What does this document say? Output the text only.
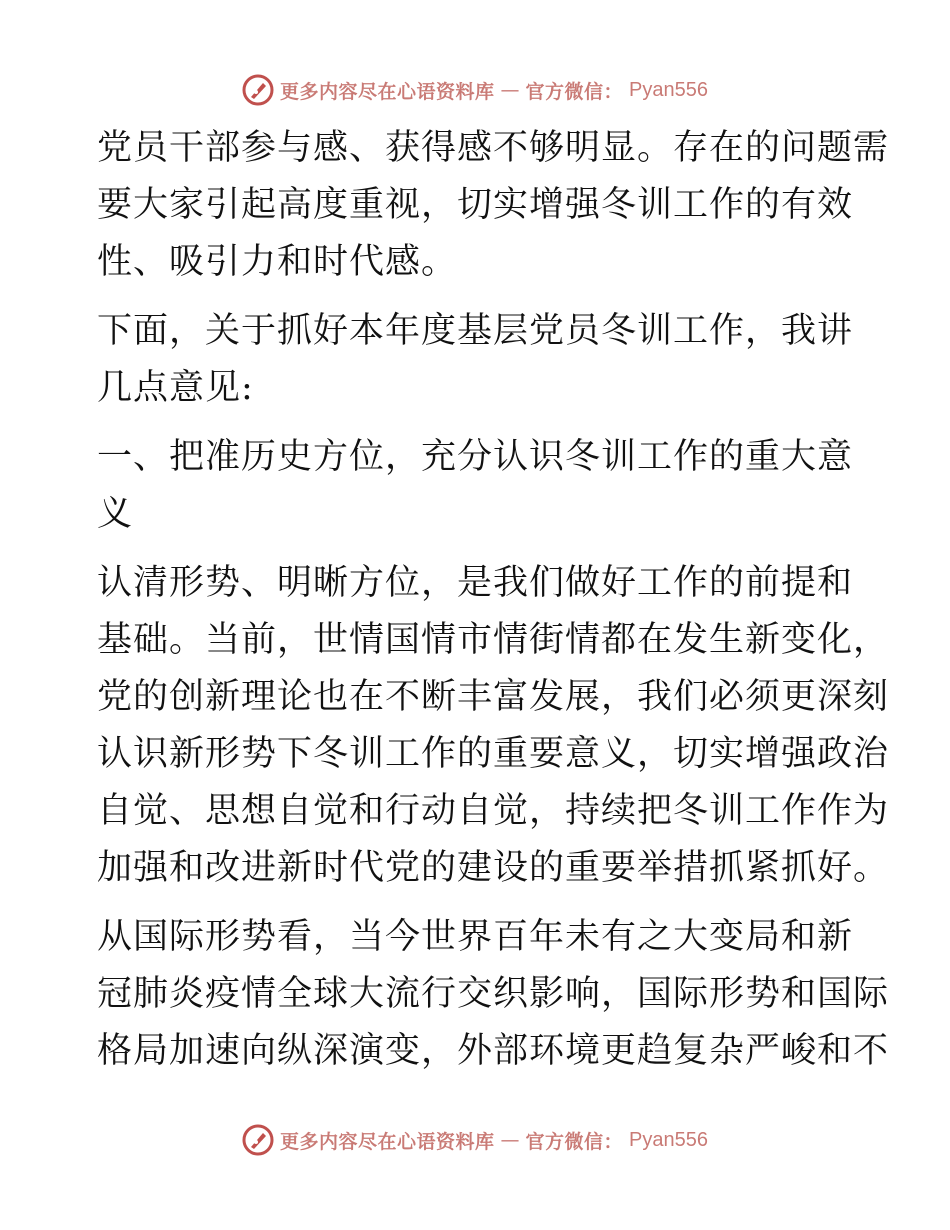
更多内容尽在心语资料库 — 官方微信： Pyan556

党员干部参与感、获得感不够明显。存在的问题需
要大家引起高度重视，切实增强冬训工作的有效
性、吸引力和时代感。

下面，关于抓好本年度基层党员冬训工作，我讲
几点意见:

一、把准历史方位，充分认识冬训工作的重大意
义

认清形势、明晰方位，是我们做好工作的前提和
基础。当前，世情国情市情街情都在发生新变化，
党的创新理论也在不断丰富发展，我们必须更深刻
认识新形势下冬训工作的重要意义，切实增强政治
自觉、思想自觉和行动自觉，持续把冬训工作作为
加强和改进新时代党的建设的重要举措抓紧抓好。

从国际形势看，当今世界百年未有之大变局和新
冠肺炎疫情全球大流行交织影响，国际形势和国际
格局加速向纵深演变，外部环境更趋复杂严峻和不

更多内容尽在心语资料库 — 官方微信： Pyan556
